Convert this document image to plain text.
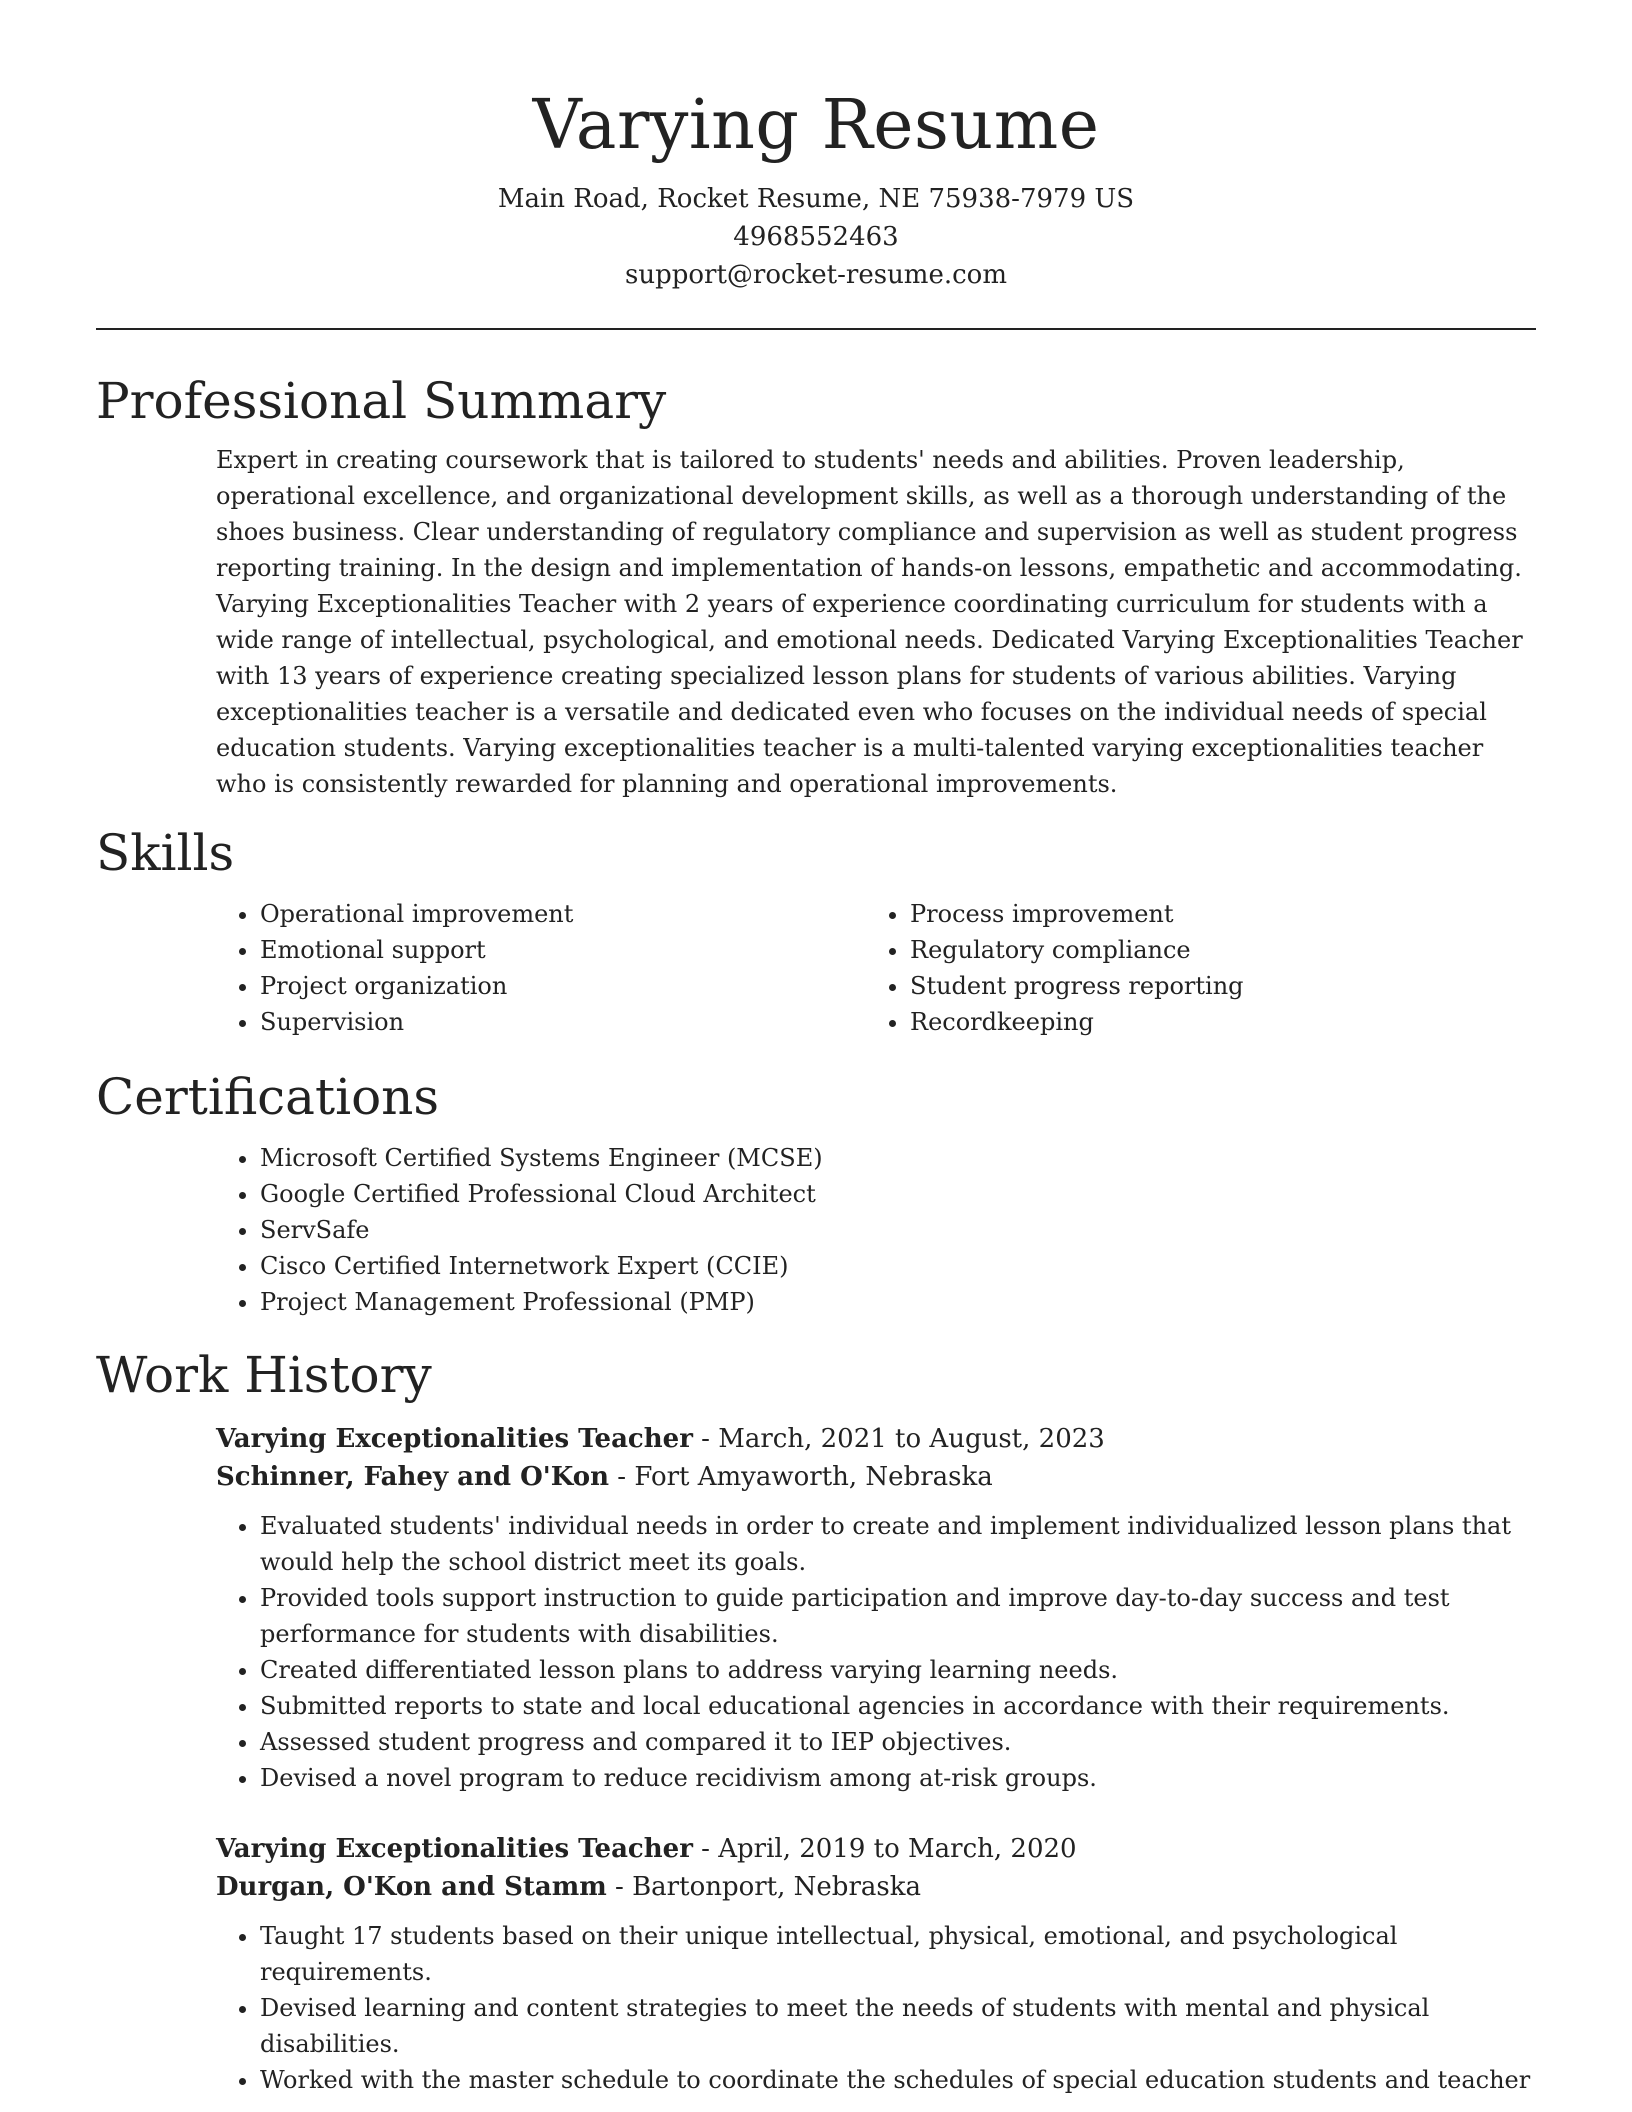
Varying Resume
Main Road, Rocket Resume, NE 75938-7979 US
4968552463
support@rocket-resume.com
Professional Summary

Expert in creating coursework that is tailored to students' needs and abilities. Proven leadership, operational excellence, and organizational development skills, as well as a thorough understanding of the shoes business. Clear understanding of regulatory compliance and supervision as well as student progress reporting training. In the design and implementation of hands-on lessons, empathetic and accommodating. Varying Exceptionalities Teacher with 2 years of experience coordinating curriculum for students with a wide range of intellectual, psychological, and emotional needs. Dedicated Varying Exceptionalities Teacher with 13 years of experience creating specialized lesson plans for students of various abilities. Varying exceptionalities teacher is a versatile and dedicated even who focuses on the individual needs of special education students. Varying exceptionalities teacher is a multi-talented varying exceptionalities teacher who is consistently rewarded for planning and operational improvements.

Skills
• Operational improvement
• Emotional support
• Project organization
• Supervision
• Process improvement
• Regulatory compliance
• Student progress reporting
• Recordkeeping
Certifications
• Microsoft Certified Systems Engineer (MCSE)
• Google Certified Professional Cloud Architect
• ServSafe
• Cisco Certified Internetwork Expert (CCIE)
• Project Management Professional (PMP)
Work History
Varying Exceptionalities Teacher - March, 2021 to August, 2023
Schinner, Fahey and O'Kon - Fort Amyaworth, Nebraska
• Evaluated students' individual needs in order to create and implement individualized lesson plans that would help the school district meet its goals.
• Provided tools support instruction to guide participation and improve day-to-day success and test performance for students with disabilities.
• Created differentiated lesson plans to address varying learning needs.
• Submitted reports to state and local educational agencies in accordance with their requirements.
• Assessed student progress and compared it to IEP objectives.
• Devised a novel program to reduce recidivism among at-risk groups.
Varying Exceptionalities Teacher - April, 2019 to March, 2020
Durgan, O'Kon and Stamm - Bartonport, Nebraska
• Taught 17 students based on their unique intellectual, physical, emotional, and psychological requirements.
• Devised learning and content strategies to meet the needs of students with mental and physical disabilities.
• Worked with the master schedule to coordinate the schedules of special education students and teacher
